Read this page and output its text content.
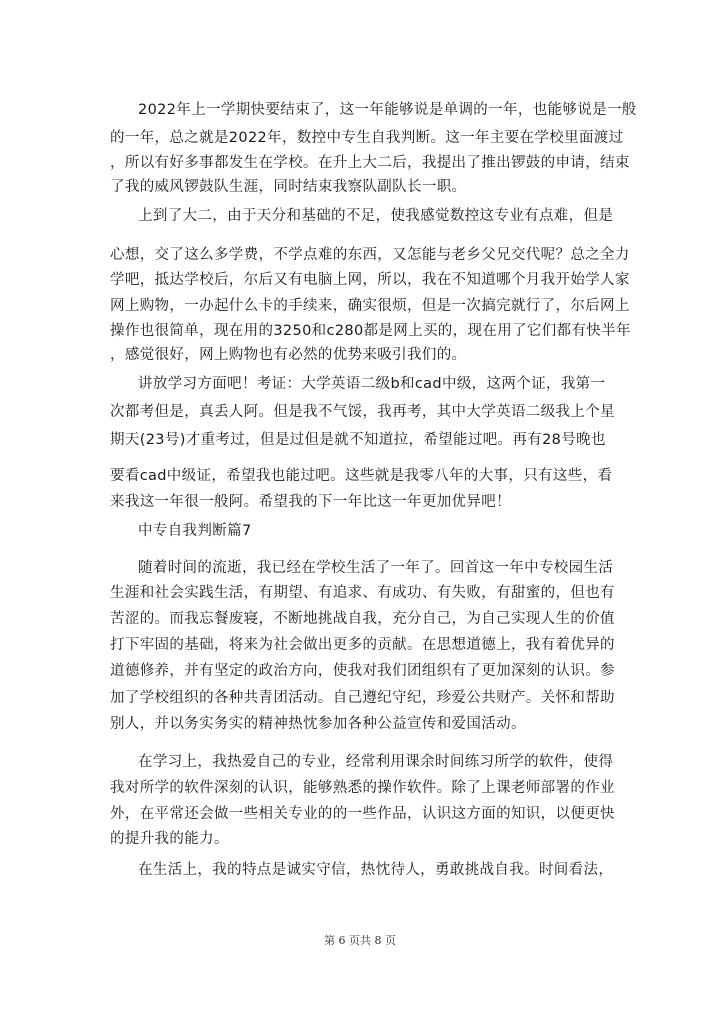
2022年上一学期快要结束了，这一年能够说是单调的一年，也能够说是一般
的一年，总之就是2022年，数控中专生自我判断。这一年主要在学校里面渡过
，所以有好多事都发生在学校。在升上大二后，我提出了推出锣鼓的申请，结束
了我的威风锣鼓队生涯，同时结束我察队副队长一职。
上到了大二，由于天分和基础的不足，使我感觉数控这专业有点难，但是
心想，交了这么多学费，不学点难的东西，又怎能与老乡父兄交代呢？总之全力
学吧，抵达学校后，尔后又有电脑上网，所以，我在不知道哪个月我开始学人家
网上购物，一办起什么卡的手续来，确实很烦，但是一次搞完就行了，尔后网上
操作也很简单，现在用的3250和c280都是网上买的，现在用了它们都有快半年
，感觉很好，网上购物也有必然的优势来吸引我们的。
讲放学习方面吧！考证：大学英语二级b和cad中级，这两个证，我第一
次都考但是，真丢人阿。但是我不气馁，我再考，其中大学英语二级我上个星
期天(23号)才重考过，但是过但是就不知道拉，希望能过吧。再有28号晚也
要看cad中级证，希望我也能过吧。这些就是我零八年的大事，只有这些，看
来我这一年很一般阿。希望我的下一年比这一年更加优异吧！
中专自我判断篇7
随着时间的流逝，我已经在学校生活了一年了。回首这一年中专校园生活
生涯和社会实践生活，有期望、有追求、有成功、有失败，有甜蜜的，但也有
苦涩的。而我忘餐废寝，不断地挑战自我，充分自己，为自己实现人生的价值
打下牢固的基础，将来为社会做出更多的贡献。在思想道德上，我有着优异的
道德修养，并有坚定的政治方向，使我对我们团组织有了更加深刻的认识。参
加了学校组织的各种共青团活动。自己遵纪守纪，珍爱公共财产。关怀和帮助
别人，并以务实务实的精神热忱参加各种公益宣传和爱国活动。
在学习上，我热爱自己的专业，经常利用课余时间练习所学的软件，使得
我对所学的软件深刻的认识，能够熟悉的操作软件。除了上课老师部署的作业
外，在平常还会做一些相关专业的的一些作品，认识这方面的知识，以便更快
的提升我的能力。
在生活上，我的特点是诚实守信，热忱待人，勇敢挑战自我。时间看法，
第 6 页共 8 页
